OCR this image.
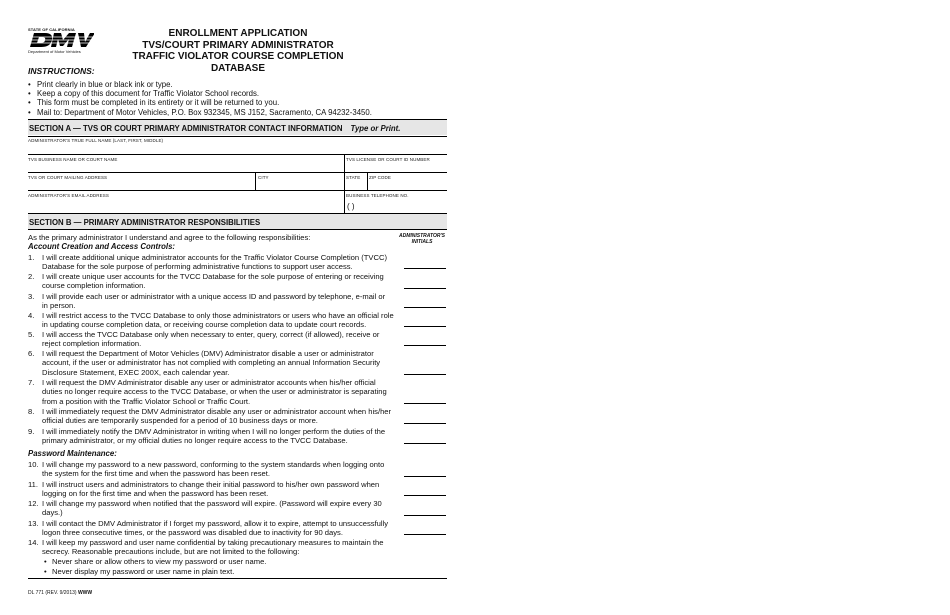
STATE OF CALIFORNIA
Department of Motor Vehicles
ENROLLMENT APPLICATION
TVS/COURT PRIMARY ADMINISTRATOR
TRAFFIC VIOLATOR COURSE COMPLETION DATABASE
INSTRUCTIONS:
• Print clearly in blue or black ink or type.
• Keep a copy of this document for Traffic Violator School records.
• This form must be completed in its entirety or it will be returned to you.
• Mail to: Department of Motor Vehicles, P.O. Box 932345, MS J152, Sacramento, CA 94232-3450.
SECTION A — TVS OR COURT PRIMARY ADMINISTRATOR CONTACT INFORMATION Type or Print.
ADMINISTRATOR'S TRUE FULL NAME (LAST, FIRST, MIDDLE)
TVS BUSINESS NAME OR COURT NAME	TVS LICENSE OR COURT ID NUMBER
TVS OR COURT MAILING ADDRESS	CITY	STATE ZIP CODE
ADMINISTRATOR'S EMAIL ADDRESS	BUSINESS TELEPHONE NO.
( )
SECTION B — PRIMARY ADMINISTRATOR RESPONSIBILITIES
As the primary administrator I understand and agree to the following responsibilities:	ADMINISTRATOR'S
INITIALS
Account Creation and Access Controls:
1.	I will create additional unique administrator accounts for the Traffic Violator Course Completion (TVCC)
Database for the sole purpose of performing administrative functions to support user access.
2.	I will create unique user accounts for the TVCC Database for the sole purpose of entering or receiving
course completion information.
3.	I will provide each user or administrator with a unique access ID and password by telephone, e-mail or
in person.
4.	I will restrict access to the TVCC Database to only those administrators or users who have an official role
in updating course completion data, or receiving course completion data to update court records.
5.	I will access the TVCC Database only when necessary to enter, query, correct (if allowed), receive or
reject completion information.
6.	I will request the Department of Motor Vehicles (DMV) Administrator disable a user or administrator
account, if the user or administrator has not complied with completing an annual Information Security
Disclosure Statement, EXEC 200X, each calendar year.
7.	I will request the DMV Administrator disable any user or administrator accounts when his/her official
duties no longer require access to the TVCC Database, or when the user or administrator is separating
from a position with the Traffic Violator School or Traffic Court.
8.	I will immediately request the DMV Administrator disable any user or administrator account when his/her
official duties are temporarily suspended for a period of 10 business days or more.
9.	I will immediately notify the DMV Administrator in writing when I will no longer perform the duties of the
primary administrator, or my official duties no longer require access to the TVCC Database.
Password Maintenance:
10. I will change my password to a new password, conforming to the system standards when logging onto
the system for the first time and when the password has been reset.
11. I will instruct users and administrators to change their initial password to his/her own password when
logging on for the first time and when the password has been reset.
12. I will change my password when notified that the password will expire. (Password will expire every 30
days.)
13. I will contact the DMV Administrator if I forget my password, allow it to expire, attempt to unsuccessfully
logon three consecutive times, or the password was disabled due to inactivity for 90 days.
14. I will keep my password and user name confidential by taking precautionary measures to maintain the
secrecy. Reasonable precautions include, but are not limited to the following:
• Never share or allow others to view my password or user name.
• Never display my password or user name in plain text.
DL 771 (REV. 9/2013) WWW
